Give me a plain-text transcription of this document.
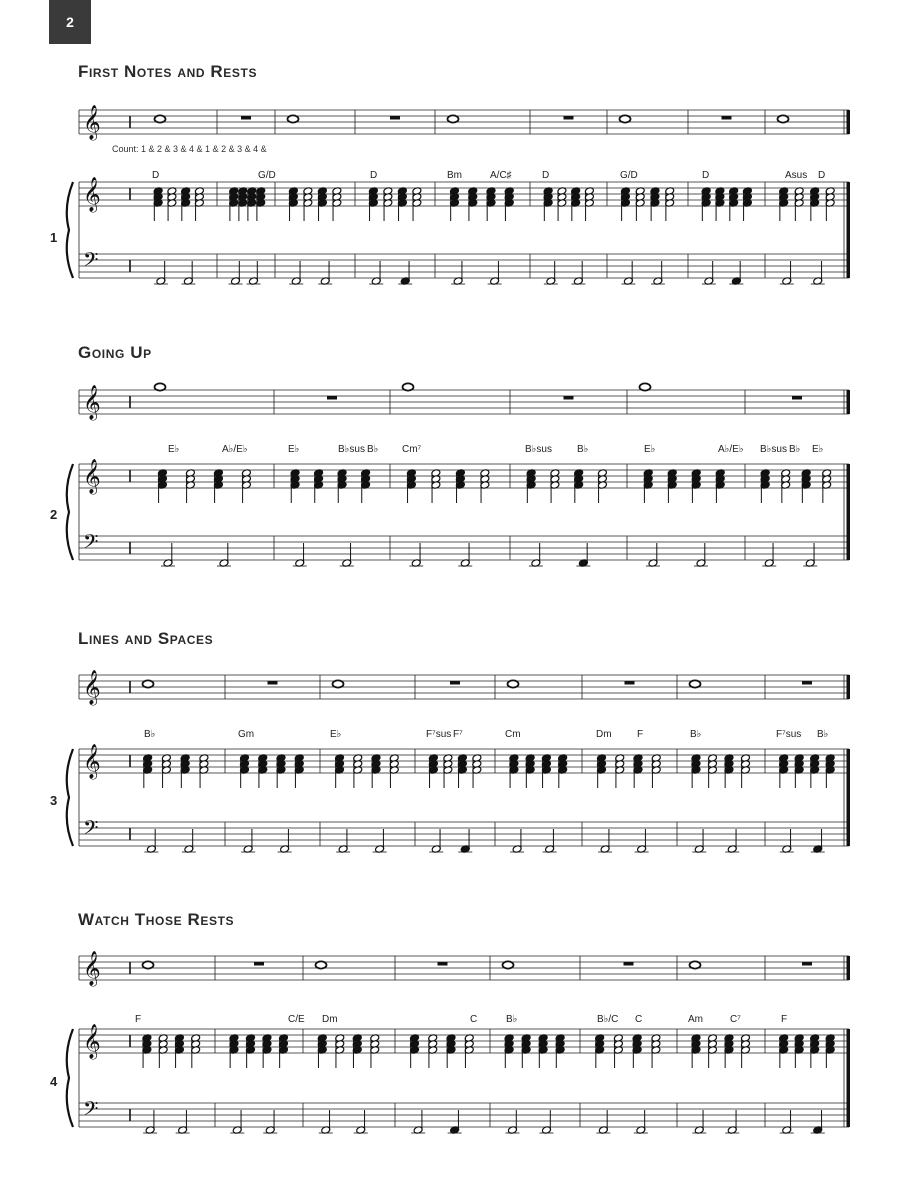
2
First Notes and Rests
𝄞
𝄞
𝄢
1
D	G/D	D	Bm	A/C♯	D	G/D	D	Asus D
Count: 1 & 2 & 3 & 4 & 1 & 2 & 3 & 4 &
Going Up
𝄞
𝄞
𝄢
2
E♭	A♭/E♭	E♭	B♭sus B♭ Cm⁷	B♭sus	B♭	E♭	A♭/E♭ B♭sus B♭ E♭
Lines and Spaces
𝄞
𝄞
𝄢
3
B♭	Gm	E♭	F⁷sus F⁷	Cm	Dm	F	B♭	F⁷sus B♭
Watch Those Rests
𝄞
𝄞
𝄢
4
F	C/E Dm	C	B♭	B♭/C C	Am	C⁷	F
